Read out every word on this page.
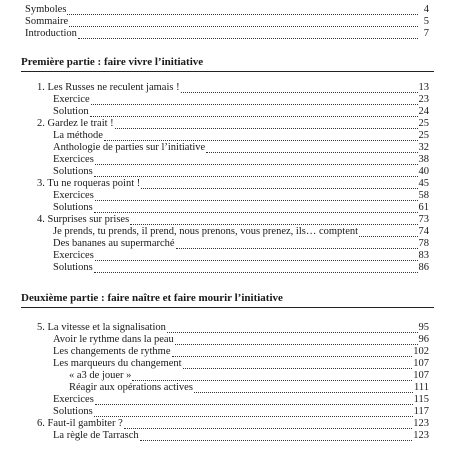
Symboles	4
Sommaire	5
Introduction	7
Première partie : faire vivre l’initiative
1. Les Russes ne reculent jamais !	13
Exercice	23
Solution	24
2. Gardez le trait !	25
La méthode	25
Anthologie de parties sur l’initiative	32
Exercices	38
Solutions	40
3. Tu ne roqueras point !	45
Exercices	58
Solutions	61
4. Surprises sur prises	73
Je prends, tu prends, il prend, nous prenons, vous prenez, ils… comptent	74
Des bananes au supermarché	78
Exercices	83
Solutions	86
Deuxième partie : faire naître et faire mourir l’initiative
5. La vitesse et la signalisation	95
Avoir le rythme dans la peau	96
Les changements de rythme	102
Les marqueurs du changement	107
« a3 de jouer »	107
Réagir aux opérations actives	111
Exercices	115
Solutions	117
6. Faut-il gambiter ?	123
La règle de Tarrasch	123
